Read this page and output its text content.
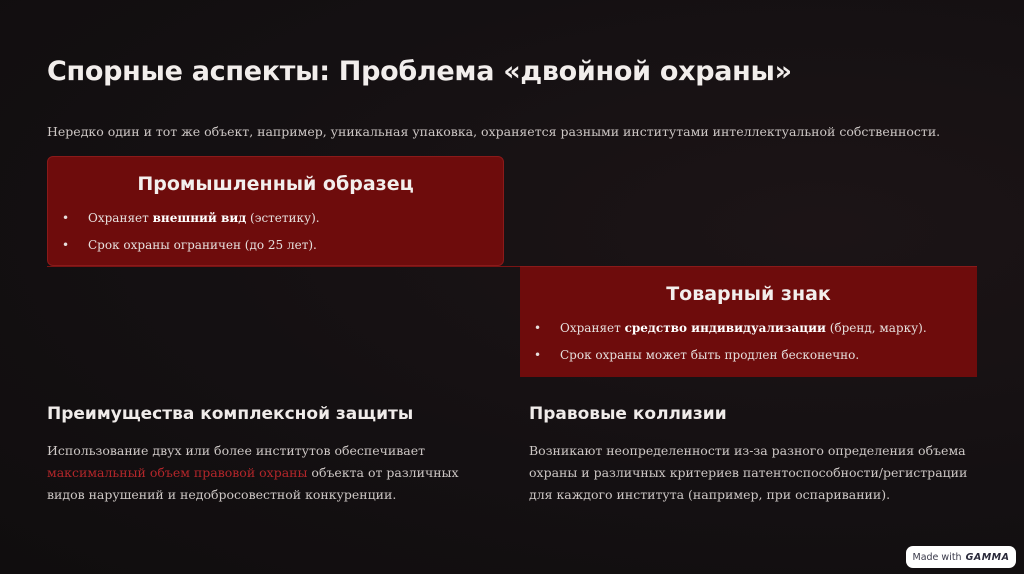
Спорные аспекты: Проблема «двойной охраны»
Нередко один и тот же объект, например, уникальная упаковка, охраняется разными институтами интеллектуальной собственности.
Промышленный образец
• Охраняет внешний вид (эстетику).
• Срок охраны ограничен (до 25 лет).
Товарный знак
• Охраняет средство индивидуализации (бренд, марку).
• Срок охраны может быть продлен бесконечно.
Преимущества комплексной защиты
Использование двух или более институтов обеспечивает максимальный объем правовой охраны объекта от различных видов нарушений и недобросовестной конкуренции.
Правовые коллизии
Возникают неопределенности из-за разного определения объема охраны и различных критериев патентоспособности/регистрации для каждого института (например, при оспаривании).
Made with GAMMA
